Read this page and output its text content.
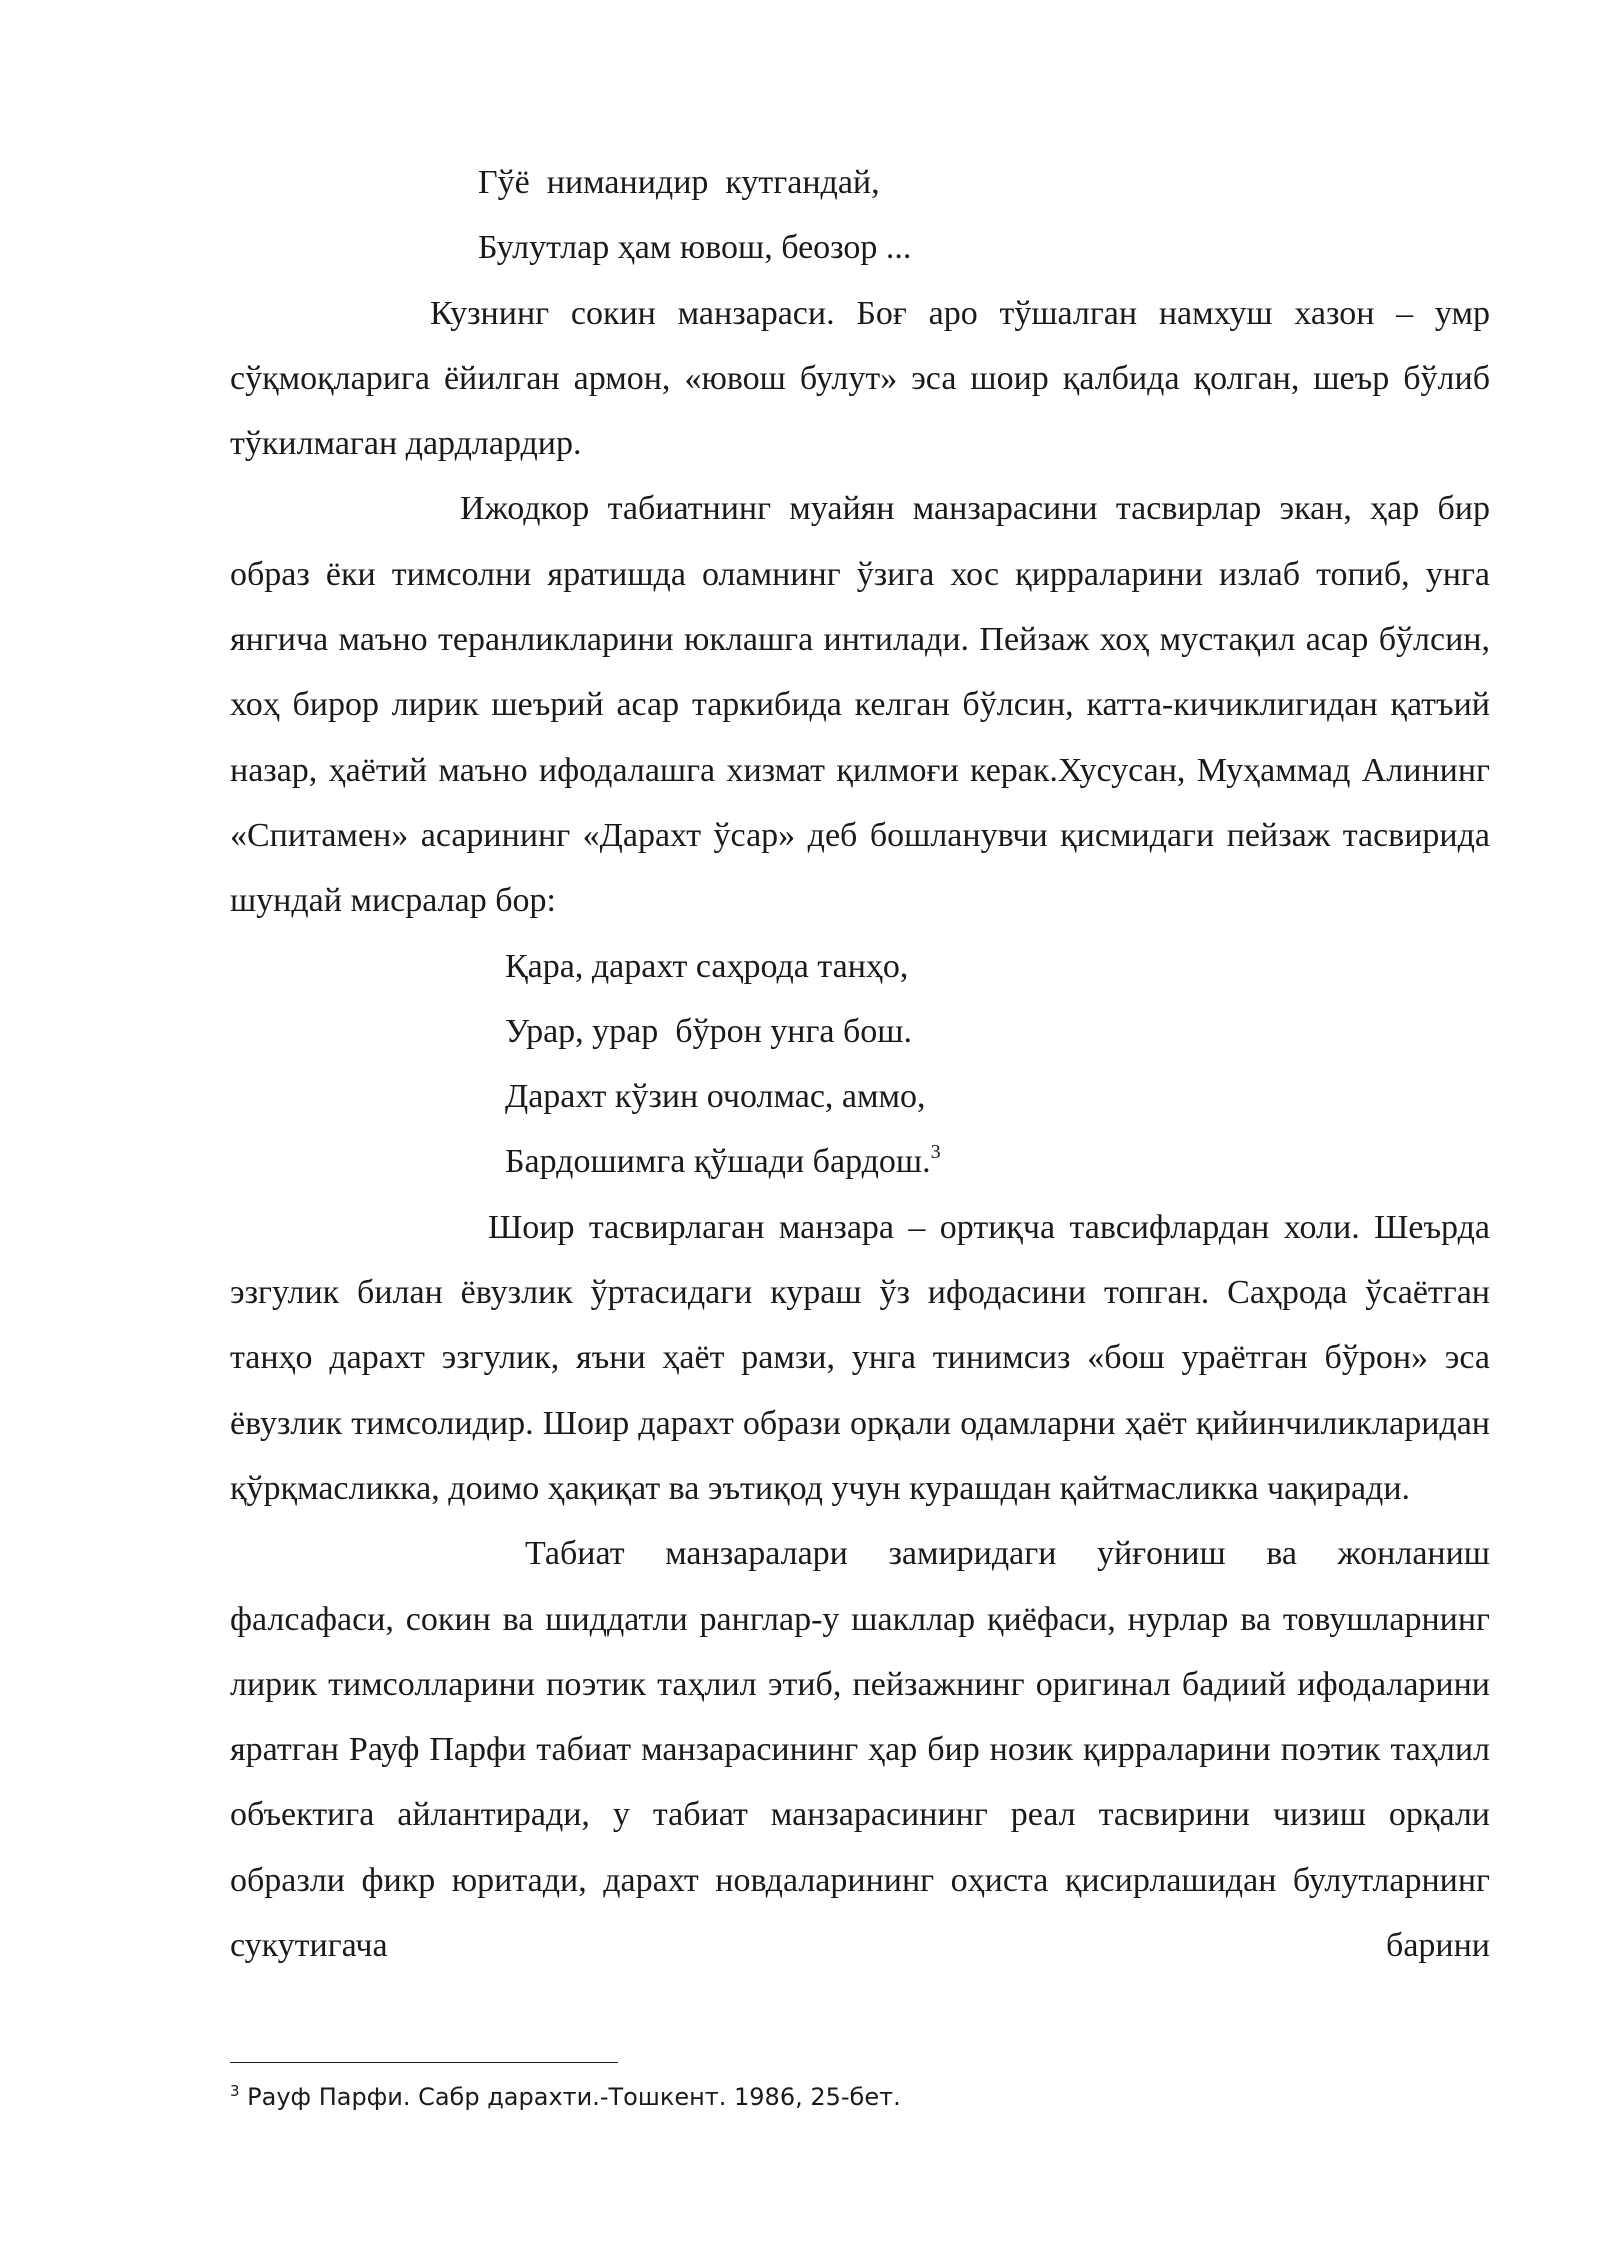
Гўё  ниманидир  кутгандай,

Булутлар ҳам ювош, беозор ...

Кузнинг сокин манзараси. Боғ аро тўшалган намхуш хазон – умр сўқмоқларига ёйилган армон, «ювош булут» эса шоир қалбида қолган, шеър бўлиб тўкилмаган дардлардир.

Ижодкор табиатнинг муайян манзарасини тасвирлар экан, ҳар бир образ ёки тимсолни яратишда оламнинг ўзига хос қирраларини излаб топиб, унга янгича маъно теранликларини юклашга интилади. Пейзаж хоҳ мустақил асар бўлсин, хоҳ бирор лирик шеърий асар таркибида келган бўлсин, катта-кичиклигидан қатъий назар, ҳаётий маъно ифодалашга хизмат қилмоғи керак.Хусусан, Муҳаммад Алининг «Спитамен» асарининг «Дарахт ўсар» деб бошланувчи қисмидаги пейзаж тасвирида шундай мисралар бор:

Қара, дарахт саҳрода танҳо,

Урар, урар  бўрон унга бош.

Дарахт кўзин очолмас, аммо,

Бардошимга қўшади бардош.$^3$

Шоир тасвирлаган манзара – ортиқча тавсифлардан холи. Шеърда эзгулик билан ёвузлик ўртасидаги кураш ўз ифодасини топган. Саҳрода ўсаётган танҳо дарахт эзгулик, яъни ҳаёт рамзи, унга тинимсиз «бош ураётган бўрон» эса ёвузлик тимсолидир. Шоир дарахт образи орқали одамларни ҳаёт қийинчиликларидан қўрқмасликка, доимо ҳақиқат ва эътиқод учун курашдан қайтмасликка чақиради.

Табиат манзаралари замиридаги уйғониш ва жонланиш фалсафаси, сокин ва шиддатли ранглар-у шакллар қиёфаси, нурлар ва товушларнинг лирик тимсолларини поэтик таҳлил этиб, пейзажнинг оригинал бадиий ифодаларини яратган Рауф Парфи табиат манзарасининг ҳар бир нозик қирраларини поэтик таҳлил объектига айлантиради, у табиат манзарасининг реал тасвирини чизиш орқали образли фикр юритади, дарахт новдаларининг оҳиста қисирлашидан булутларнинг сукутигача барини

$^3$ Рауф Парфи. Сабр дарахти.-Тошкент. 1986, 25-бет.
